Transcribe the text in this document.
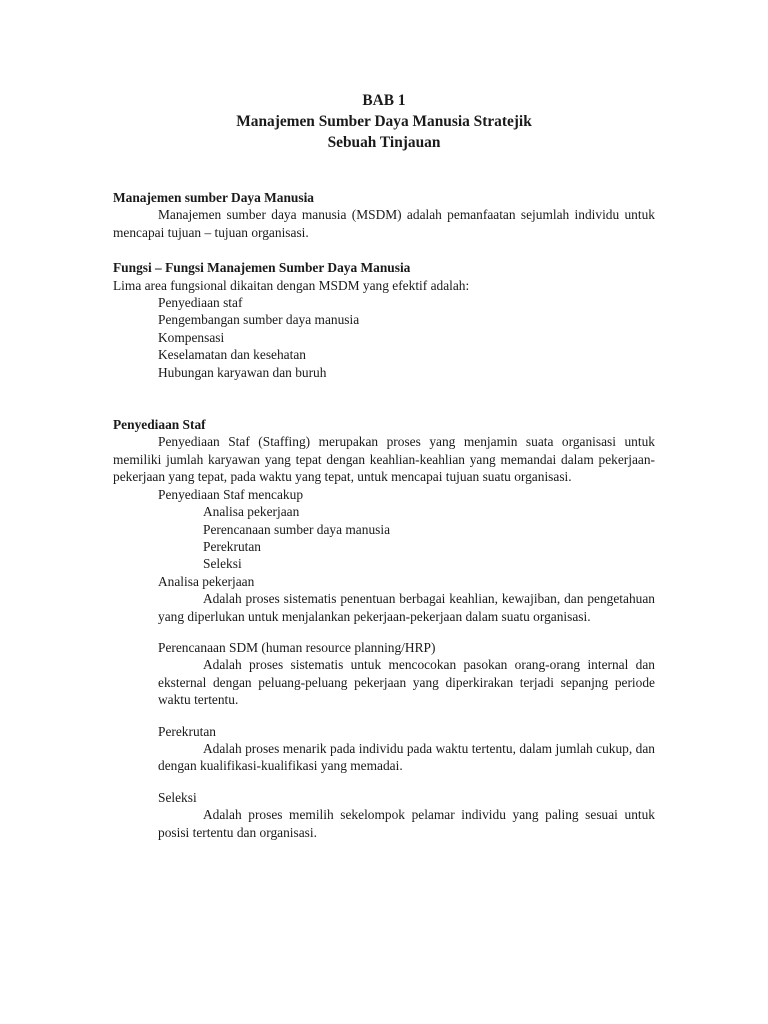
BAB 1
Manajemen Sumber Daya Manusia Stratejik
Sebuah Tinjauan
Manajemen sumber Daya Manusia

Manajemen sumber daya manusia (MSDM) adalah pemanfaatan sejumlah individu untuk mencapai tujuan – tujuan organisasi.

Fungsi – Fungsi Manajemen Sumber Daya Manusia

Lima area fungsional dikaitan dengan MSDM yang efektif adalah:

Penyediaan staf
Pengembangan sumber daya manusia
Kompensasi
Keselamatan dan kesehatan
Hubungan karyawan dan buruh
Penyediaan Staf

Penyediaan Staf (Staffing) merupakan proses yang menjamin suata organisasi untuk memiliki jumlah karyawan yang tepat dengan keahlian-keahlian yang memandai dalam pekerjaan-pekerjaan yang tepat, pada waktu yang tepat, untuk mencapai tujuan suatu organisasi.

Penyediaan Staf mencakup
Analisa pekerjaan
Perencanaan sumber daya manusia
Perekrutan
Seleksi
Analisa pekerjaan

Adalah proses sistematis penentuan berbagai keahlian, kewajiban, dan pengetahuan yang diperlukan untuk menjalankan pekerjaan-pekerjaan dalam suatu organisasi.

Perencanaan SDM (human resource planning/HRP)

Adalah proses sistematis untuk mencocokan pasokan orang-orang internal dan eksternal dengan peluang-peluang pekerjaan yang diperkirakan terjadi sepanjng periode waktu tertentu.

Perekrutan

Adalah proses menarik pada individu pada waktu tertentu, dalam jumlah cukup, dan dengan kualifikasi-kualifikasi yang memadai.

Seleksi

Adalah proses memilih sekelompok pelamar individu yang paling sesuai untuk posisi tertentu dan organisasi.
